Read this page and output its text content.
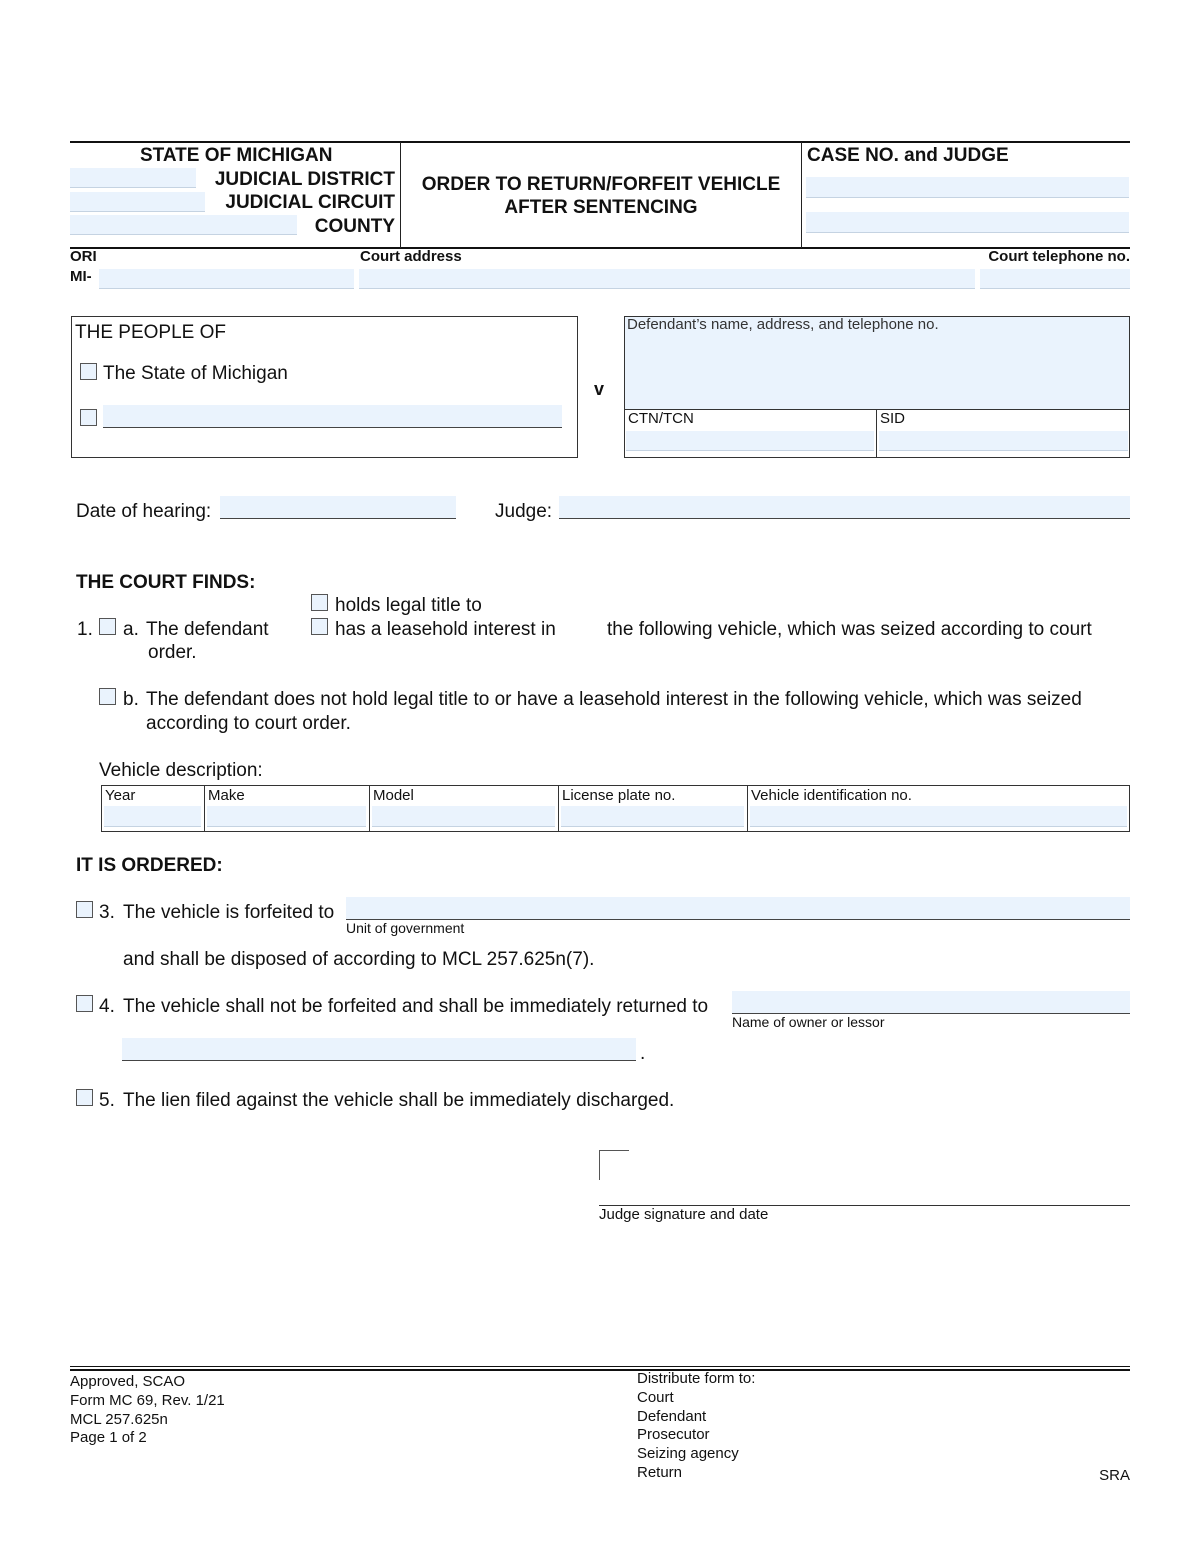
STATE OF MICHIGAN
JUDICIAL DISTRICT
JUDICIAL CIRCUIT
COUNTY
ORDER TO RETURN/FORFEIT VEHICLE
AFTER SENTENCING
CASE NO. and JUDGE
ORI
MI-
Court address	Court telephone no.
THE PEOPLE OF
The State of Michigan
v
Defendant’s name, address, and telephone no.
CTN/TCN	SID
Date of hearing:	Judge:
THE COURT FINDS:
holds legal title to
1. a. The defendant	has a leasehold interest in	the following vehicle, which was seized according to court
order.
b. The defendant does not hold legal title to or have a leasehold interest in the following vehicle, which was seized
according to court order.
Vehicle description:
Year	Make	Model	License plate no.	Vehicle identification no.
IT IS ORDERED:
3. The vehicle is forfeited to
Unit of government
and shall be disposed of according to MCL 257.625n(7).
4. The vehicle shall not be forfeited and shall be immediately returned to
Name of owner or lessor
.
5. The lien filed against the vehicle shall be immediately discharged.
Judge signature and date
Approved, SCAO
Form MC 69, Rev. 1/21
MCL 257.625n
Page 1 of 2
Distribute form to:
Court
Defendant
Prosecutor
Seizing agency
Return	SRA
